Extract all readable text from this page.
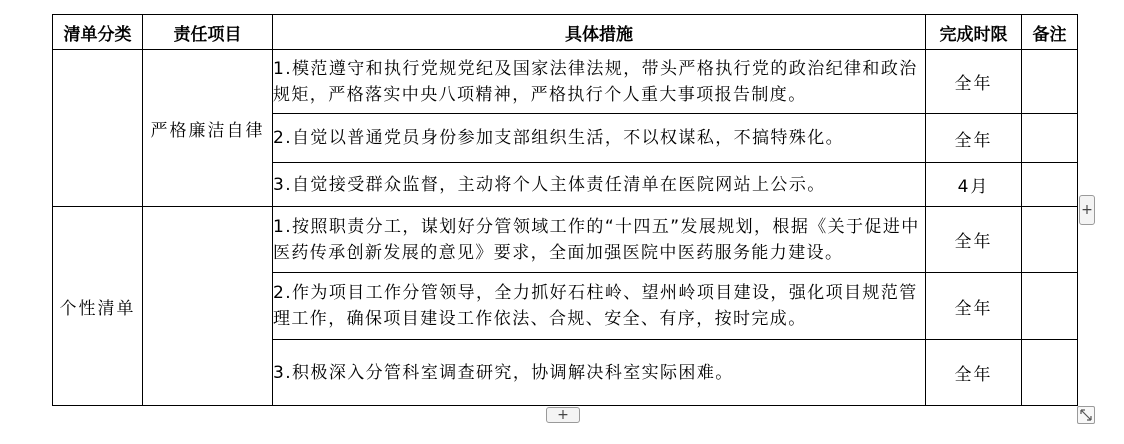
清单分类	责任项目	具体措施	完成时限	备注
	严格廉洁自律	1.模范遵守和执行党规党纪及国家法律法规，带头严格执行党的政治纪律和政治规矩，严格落实中央八项精神，严格执行个人重大事项报告制度。	全年	
		2.自觉以普通党员身份参加支部组织生活，不以权谋私，不搞特殊化。	全年	
		3.自觉接受群众监督，主动将个人主体责任清单在医院网站上公示。	4月	
个性清单		1.按照职责分工，谋划好分管领域工作的“十四五”发展规划，根据《关于促进中医药传承创新发展的意见》要求，全面加强医院中医药服务能力建设。	全年	
		2.作为项目工作分管领导，全力抓好石柱岭、望州岭项目建设，强化项目规范管理工作，确保项目建设工作依法、合规、安全、有序，按时完成。	全年	
		3.积极深入分管科室调查研究，协调解决科室实际困难。	全年	
+
+
